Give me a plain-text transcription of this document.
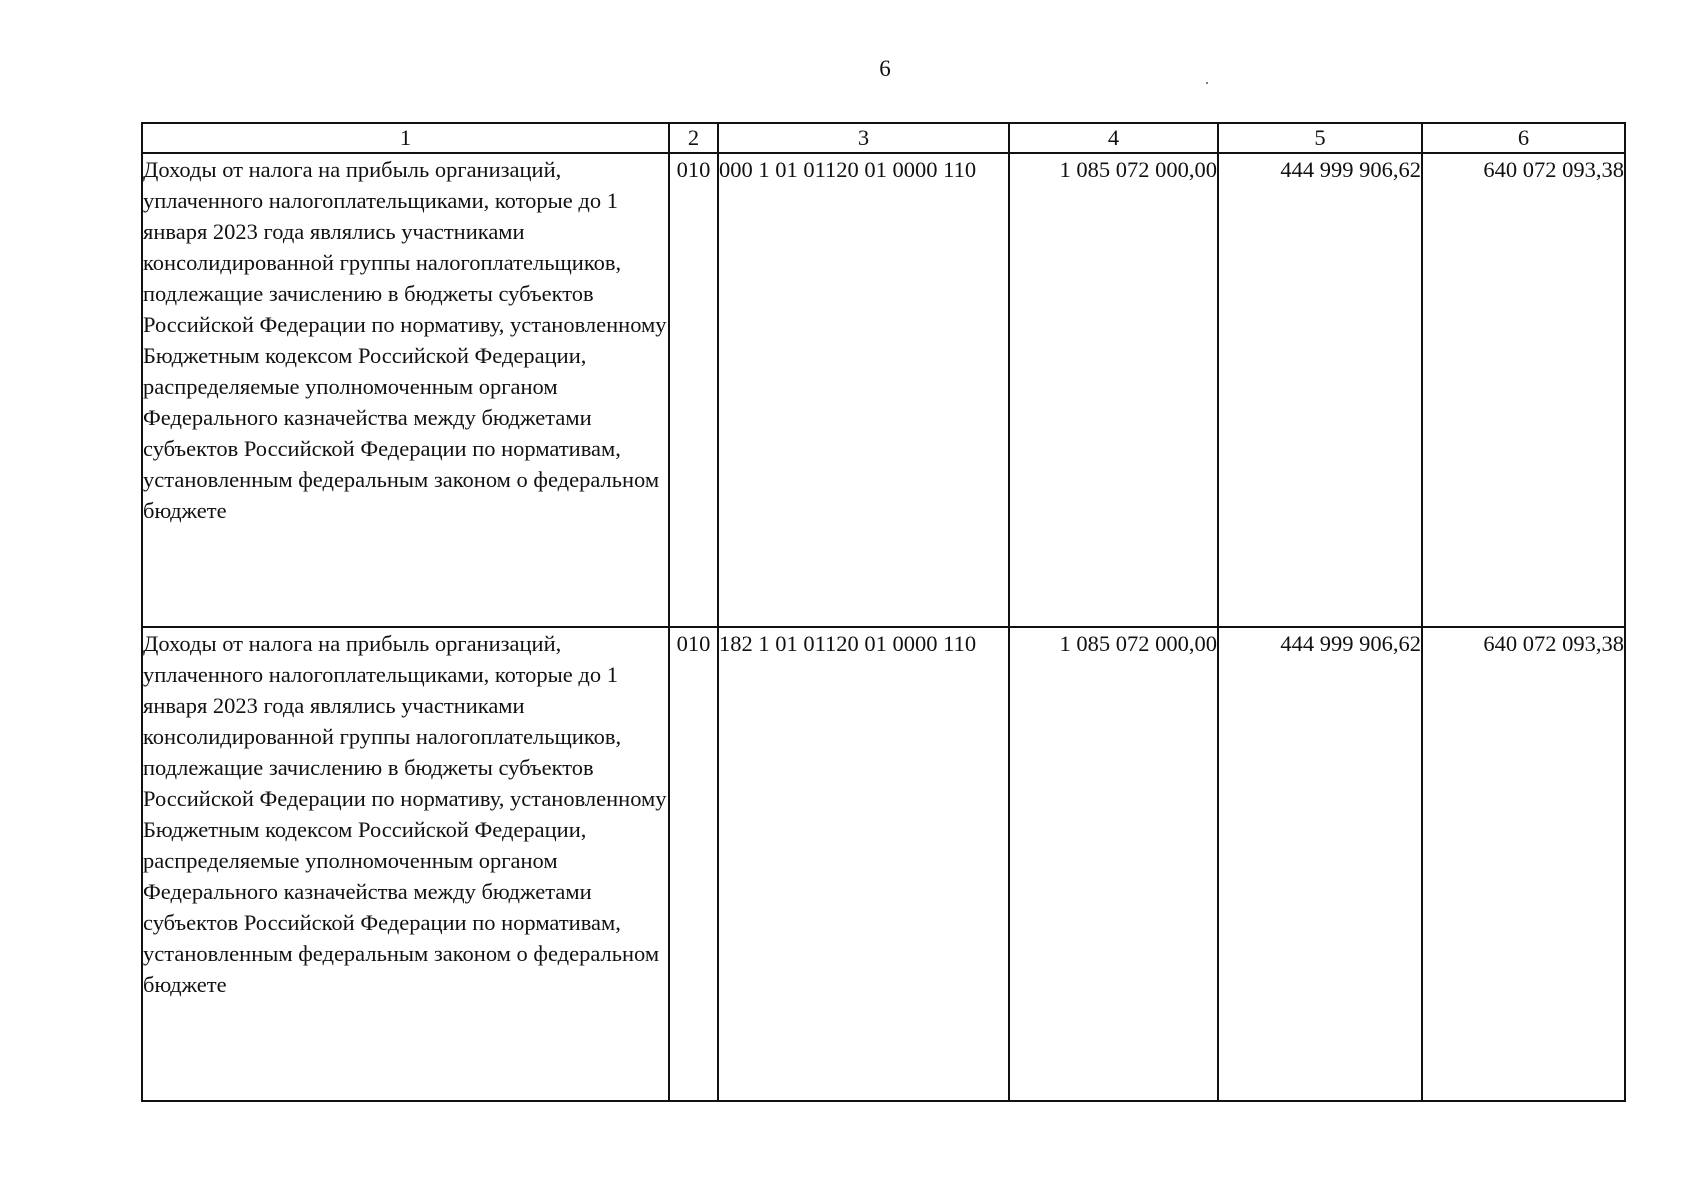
6
1	2	3	4	5	6

Доходы от налога на прибыль организаций, уплаченного налогоплательщиками, которые до 1 января 2023 года являлись участниками консолидированной группы налогоплательщиков, подлежащие зачислению в бюджеты субъектов Российской Федерации по нормативу, установленному Бюджетным кодексом Российской Федерации, распределяемые уполномоченным органом Федерального казначейства между бюджетами субъектов Российской Федерации по нормативам, установленным федеральным законом о федеральном бюджете	010	000 1 01 01120 01 0000 110	1 085 072 000,00	444 999 906,62	640 072 093,38

Доходы от налога на прибыль организаций, уплаченного налогоплательщиками, которые до 1 января 2023 года являлись участниками консолидированной группы налогоплательщиков, подлежащие зачислению в бюджеты субъектов Российской Федерации по нормативу, установленному Бюджетным кодексом Российской Федерации, распределяемые уполномоченным органом Федерального казначейства между бюджетами субъектов Российской Федерации по нормативам, установленным федеральным законом о федеральном бюджете	010	182 1 01 01120 01 0000 110	1 085 072 000,00	444 999 906,62	640 072 093,38
